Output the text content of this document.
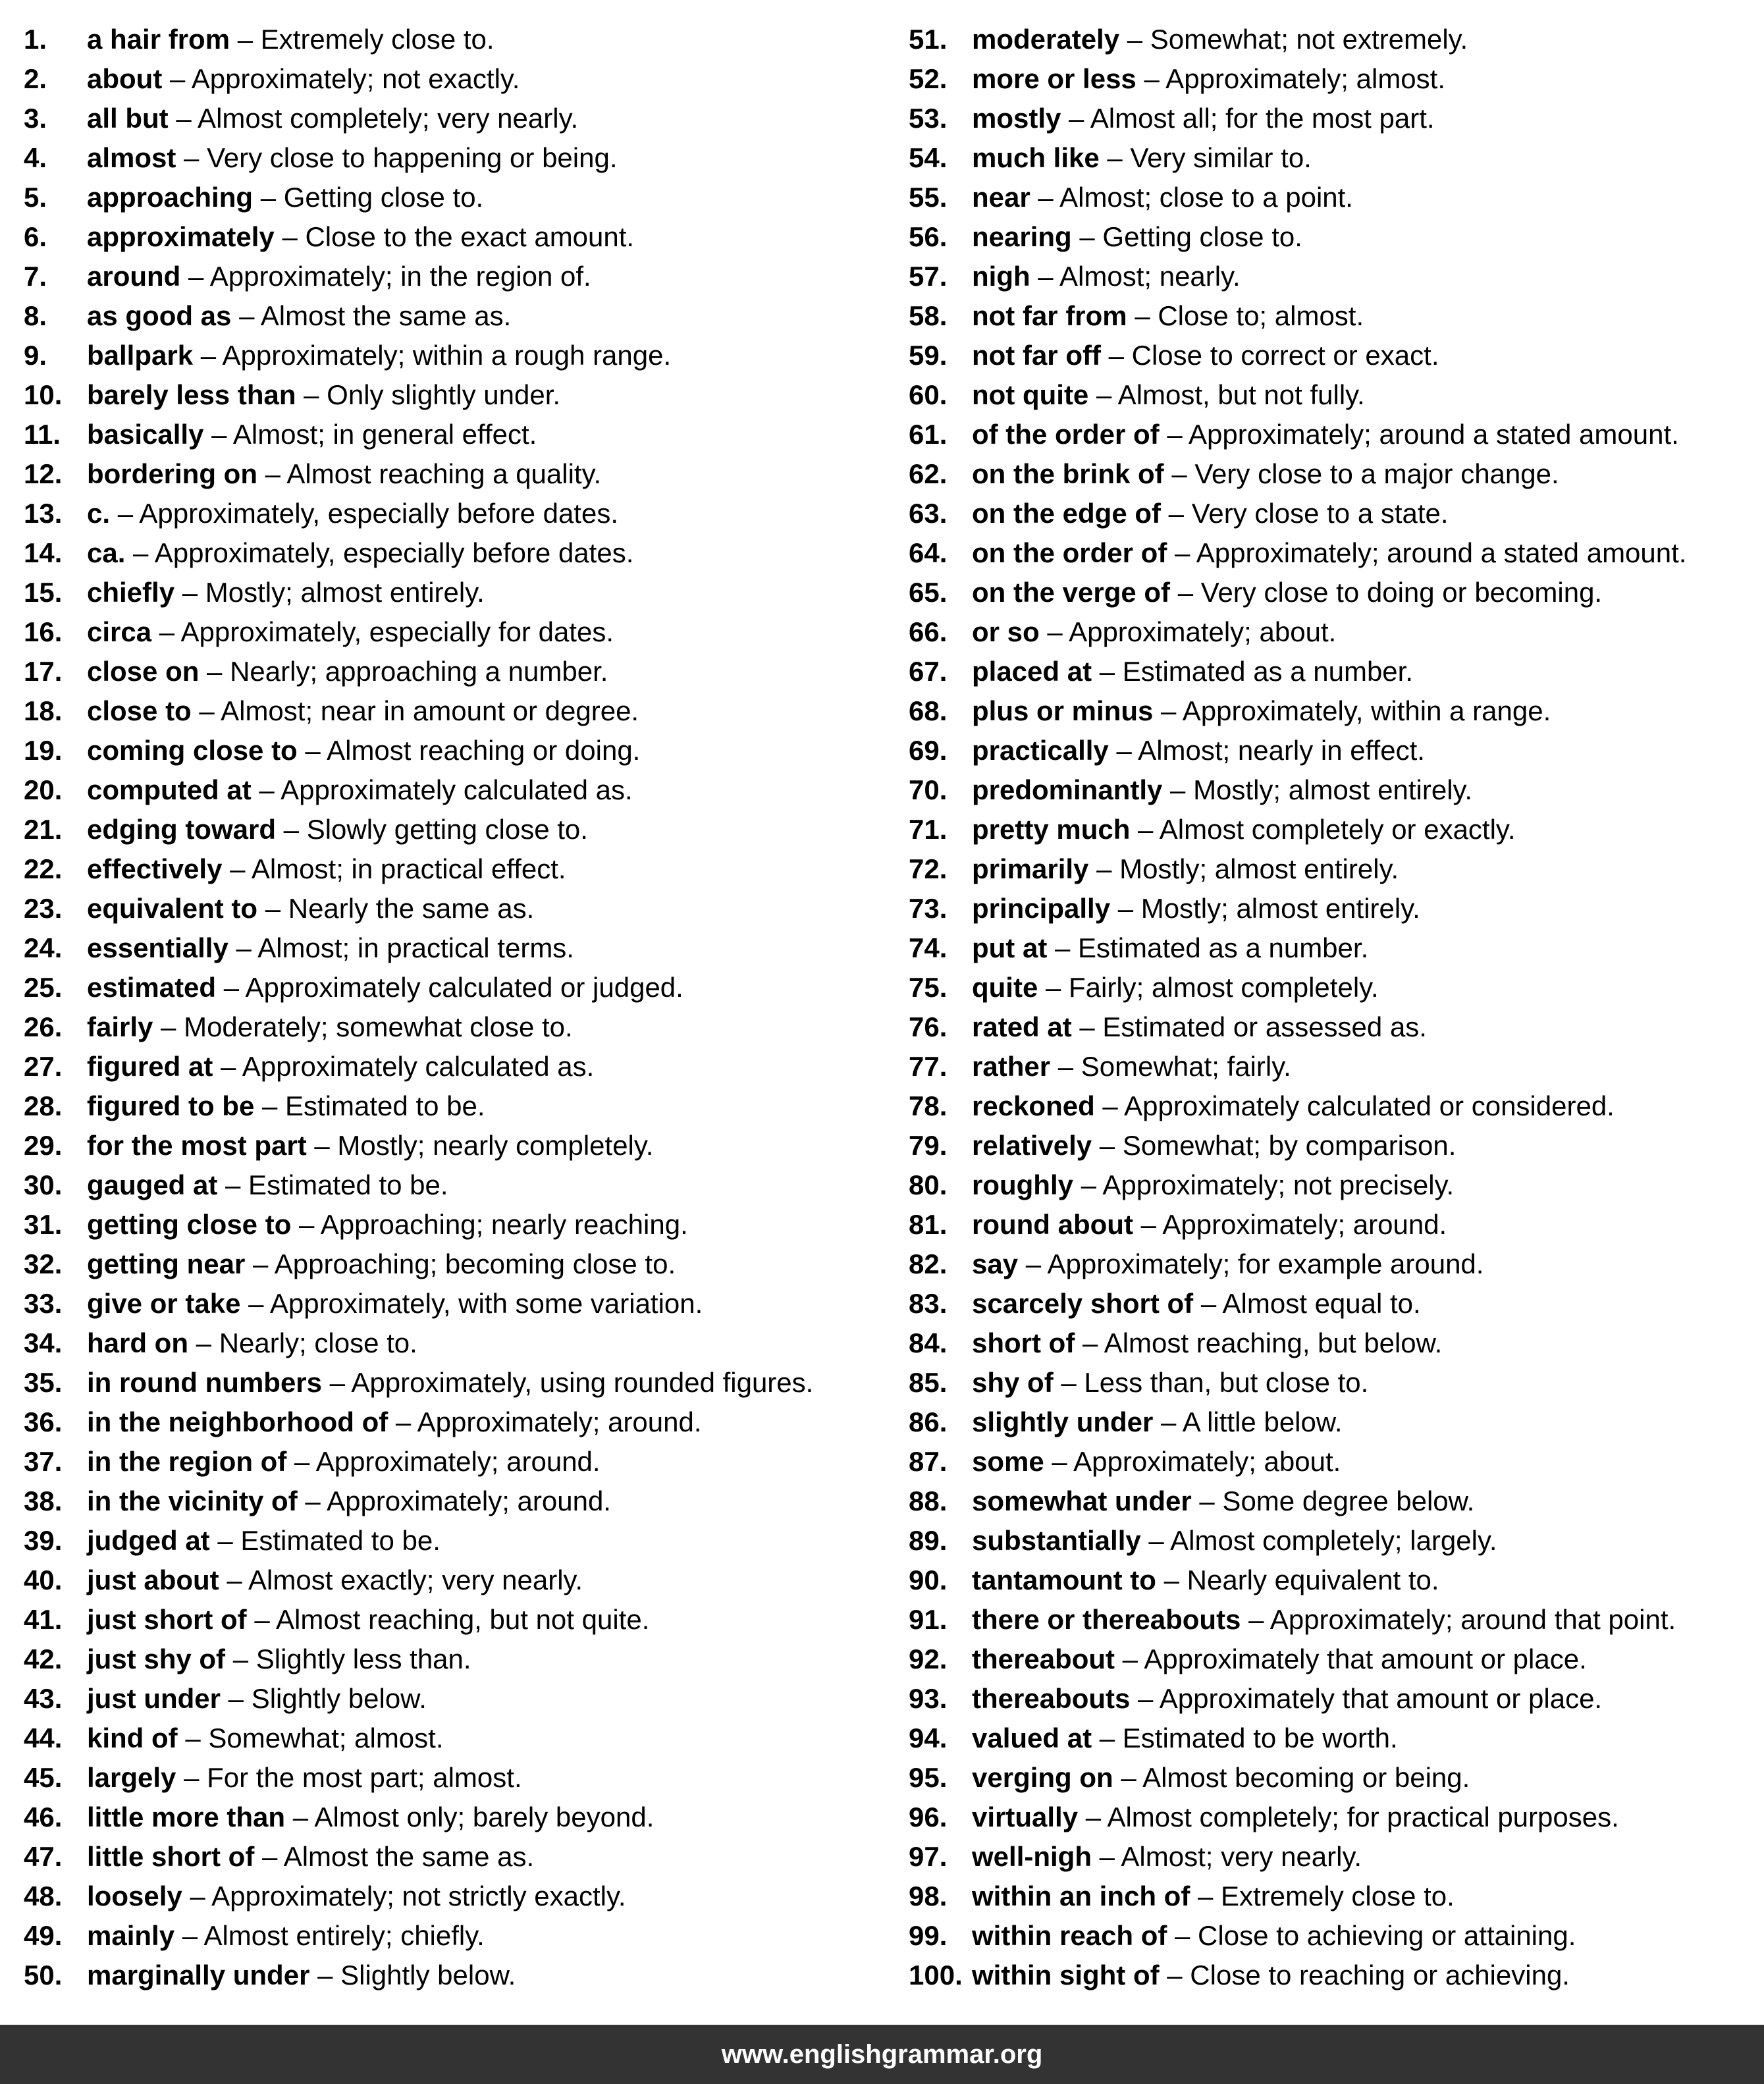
1. a hair from – Extremely close to.
2. about – Approximately; not exactly.
3. all but – Almost completely; very nearly.
4. almost – Very close to happening or being.
5. approaching – Getting close to.
6. approximately – Close to the exact amount.
7. around – Approximately; in the region of.
8. as good as – Almost the same as.
9. ballpark – Approximately; within a rough range.
10. barely less than – Only slightly under.
11. basically – Almost; in general effect.
12. bordering on – Almost reaching a quality.
13. c. – Approximately, especially before dates.
14. ca. – Approximately, especially before dates.
15. chiefly – Mostly; almost entirely.
16. circa – Approximately, especially for dates.
17. close on – Nearly; approaching a number.
18. close to – Almost; near in amount or degree.
19. coming close to – Almost reaching or doing.
20. computed at – Approximately calculated as.
21. edging toward – Slowly getting close to.
22. effectively – Almost; in practical effect.
23. equivalent to – Nearly the same as.
24. essentially – Almost; in practical terms.
25. estimated – Approximately calculated or judged.
26. fairly – Moderately; somewhat close to.
27. figured at – Approximately calculated as.
28. figured to be – Estimated to be.
29. for the most part – Mostly; nearly completely.
30. gauged at – Estimated to be.
31. getting close to – Approaching; nearly reaching.
32. getting near – Approaching; becoming close to.
33. give or take – Approximately, with some variation.
34. hard on – Nearly; close to.
35. in round numbers – Approximately, using rounded figures.
36. in the neighborhood of – Approximately; around.
37. in the region of – Approximately; around.
38. in the vicinity of – Approximately; around.
39. judged at – Estimated to be.
40. just about – Almost exactly; very nearly.
41. just short of – Almost reaching, but not quite.
42. just shy of – Slightly less than.
43. just under – Slightly below.
44. kind of – Somewhat; almost.
45. largely – For the most part; almost.
46. little more than – Almost only; barely beyond.
47. little short of – Almost the same as.
48. loosely – Approximately; not strictly exactly.
49. mainly – Almost entirely; chiefly.
50. marginally under – Slightly below.
51. moderately – Somewhat; not extremely.
52. more or less – Approximately; almost.
53. mostly – Almost all; for the most part.
54. much like – Very similar to.
55. near – Almost; close to a point.
56. nearing – Getting close to.
57. nigh – Almost; nearly.
58. not far from – Close to; almost.
59. not far off – Close to correct or exact.
60. not quite – Almost, but not fully.
61. of the order of – Approximately; around a stated amount.
62. on the brink of – Very close to a major change.
63. on the edge of – Very close to a state.
64. on the order of – Approximately; around a stated amount.
65. on the verge of – Very close to doing or becoming.
66. or so – Approximately; about.
67. placed at – Estimated as a number.
68. plus or minus – Approximately, within a range.
69. practically – Almost; nearly in effect.
70. predominantly – Mostly; almost entirely.
71. pretty much – Almost completely or exactly.
72. primarily – Mostly; almost entirely.
73. principally – Mostly; almost entirely.
74. put at – Estimated as a number.
75. quite – Fairly; almost completely.
76. rated at – Estimated or assessed as.
77. rather – Somewhat; fairly.
78. reckoned – Approximately calculated or considered.
79. relatively – Somewhat; by comparison.
80. roughly – Approximately; not precisely.
81. round about – Approximately; around.
82. say – Approximately; for example around.
83. scarcely short of – Almost equal to.
84. short of – Almost reaching, but below.
85. shy of – Less than, but close to.
86. slightly under – A little below.
87. some – Approximately; about.
88. somewhat under – Some degree below.
89. substantially – Almost completely; largely.
90. tantamount to – Nearly equivalent to.
91. there or thereabouts – Approximately; around that point.
92. thereabout – Approximately that amount or place.
93. thereabouts – Approximately that amount or place.
94. valued at – Estimated to be worth.
95. verging on – Almost becoming or being.
96. virtually – Almost completely; for practical purposes.
97. well-nigh – Almost; very nearly.
98. within an inch of – Extremely close to.
99. within reach of – Close to achieving or attaining.
100. within sight of – Close to reaching or achieving.
www.englishgrammar.org
